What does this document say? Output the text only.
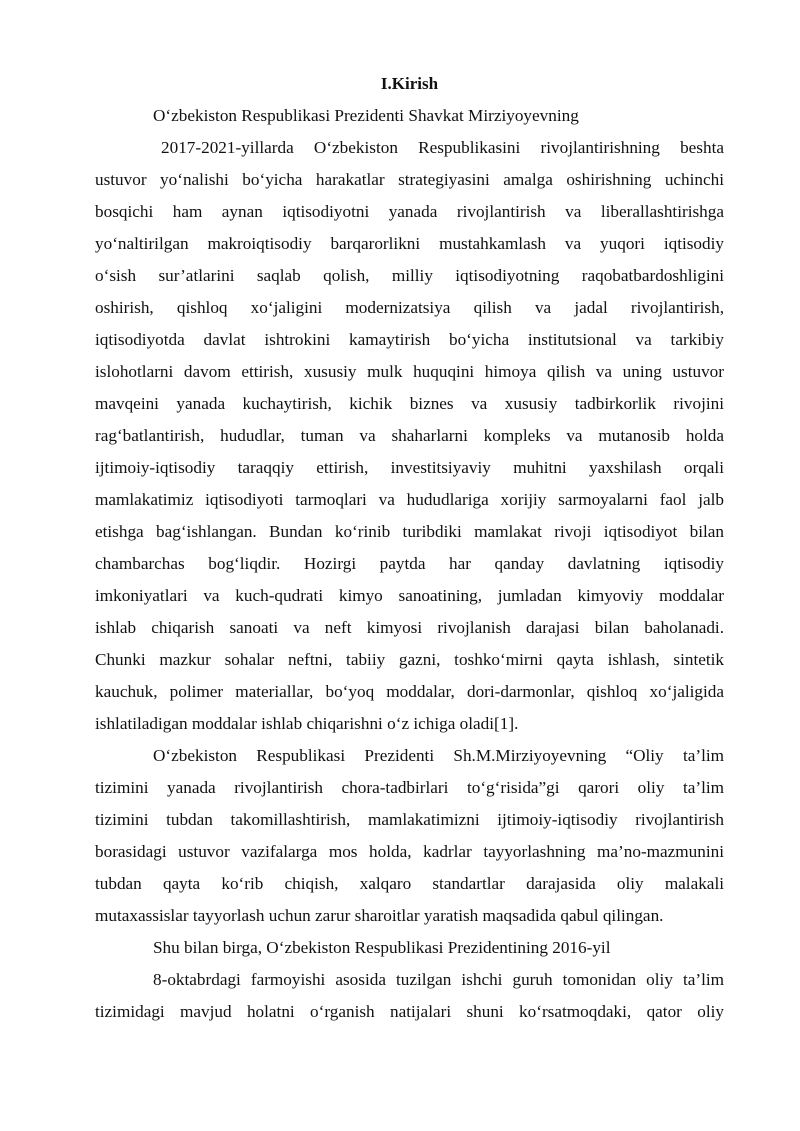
I.Kirish
O‘zbekiston Respublikasi Prezidenti Shavkat Mirziyoyevning
2017-2021-yillarda O‘zbekiston Respublikasini rivojlantirishning beshta
ustuvor yo‘nalishi bo‘yicha harakatlar strategiyasini amalga oshirishning uchinchi
bosqichi ham aynan iqtisodiyotni yanada rivojlantirish va liberallashtirishga
yo‘naltirilgan makroiqtisodiy barqarorlikni mustahkamlash va yuqori iqtisodiy
o‘sish sur’atlarini saqlab qolish, milliy iqtisodiyotning raqobatbardoshligini
oshirish, qishloq xo‘jaligini modernizatsiya qilish va jadal rivojlantirish,
iqtisodiyotda davlat ishtrokini kamaytirish bo‘yicha institutsional va tarkibiy
islohotlarni davom ettirish, xususiy mulk huquqini himoya qilish va uning ustuvor
mavqeini yanada kuchaytirish, kichik biznes va xususiy tadbirkorlik rivojini
rag‘batlantirish, hududlar, tuman va shaharlarni kompleks va mutanosib holda
ijtimoiy-iqtisodiy taraqqiy ettirish, investitsiyaviy muhitni yaxshilash orqali
mamlakatimiz iqtisodiyoti tarmoqlari va hududlariga xorijiy sarmoyalarni faol jalb
etishga bag‘ishlangan. Bundan ko‘rinib turibdiki mamlakat rivoji iqtisodiyot bilan
chambarchas bog‘liqdir. Hozirgi paytda har qanday davlatning iqtisodiy
imkoniyatlari va kuch-qudrati kimyo sanoatining, jumladan kimyoviy moddalar
ishlab chiqarish sanoati va neft kimyosi rivojlanish darajasi bilan baholanadi.
Chunki mazkur sohalar neftni, tabiiy gazni, toshko‘mirni qayta ishlash, sintetik
kauchuk, polimer materiallar, bo‘yoq moddalar, dori-darmonlar, qishloq xo‘jaligida
ishlatiladigan moddalar ishlab chiqarishni o‘z ichiga oladi[1].
O‘zbekiston Respublikasi Prezidenti Sh.M.Mirziyoyevning “Oliy ta’lim
tizimini yanada rivojlantirish chora-tadbirlari to‘g‘risida”gi qarori oliy ta’lim
tizimini tubdan takomillashtirish, mamlakatimizni ijtimoiy-iqtisodiy rivojlantirish
borasidagi ustuvor vazifalarga mos holda, kadrlar tayyorlashning ma’no-mazmunini
tubdan qayta ko‘rib chiqish, xalqaro standartlar darajasida oliy malakali
mutaxassislar tayyorlash uchun zarur sharoitlar yaratish maqsadida qabul qilingan.
Shu bilan birga, O‘zbekiston Respublikasi Prezidentining 2016-yil
8-oktabrdagi farmoyishi asosida tuzilgan ishchi guruh tomonidan oliy ta’lim
tizimidagi mavjud holatni o‘rganish natijalari shuni ko‘rsatmoqdaki, qator oliy
